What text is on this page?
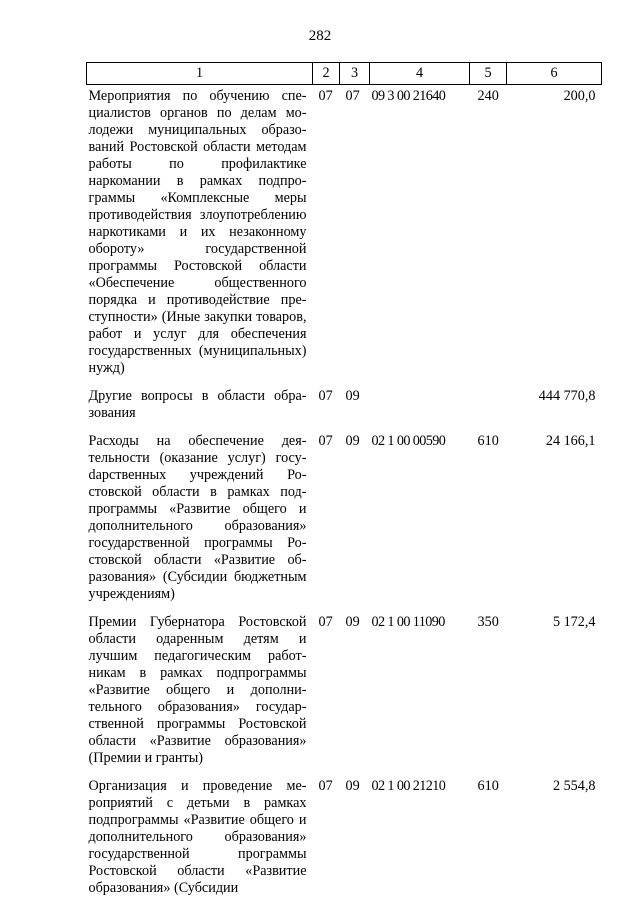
282
1	2	3	4	5	6
Мероприятия по обучению специалистов органов по делам молодежи муниципальных образований Ростовской области методам работы по профилактике наркомании в рамках подпрограммы «Комплексные меры противодействия злоупотреблению наркотиками и их незаконному обороту» государственной программы Ростовской области «Обеспечение общественного порядка и противодействие преступности» (Иные закупки товаров, работ и услуг для обеспечения государственных (муниципальных) нужд)	07	07	09 3 00 21640	240	200,0
Другие вопросы в области образования	07	09			444 770,8
Расходы на обеспечение деятельности (оказание услуг) госуdарственных учреждений Ростовской области в рамках подпрограммы «Развитие общего и дополнительного образования» государственной программы Ростовской области «Развитие образования» (Субсидии бюджетным учреждениям)	07	09	02 1 00 00590	610	24 166,1
Премии Губернатора Ростовской области одаренным детям и лучшим педагогическим работникам в рамках подпрограммы «Развитие общего и дополнительного образования» государственной программы Ростовской области «Развитие образования» (Премии и гранты)	07	09	02 1 00 11090	350	5 172,4
Организация и проведение мероприятий с детьми в рамках подпрограммы «Развитие общего и дополнительного образования» государственной программы Ростовской области «Развитие образования» (Субсидии	07	09	02 1 00 21210	610	2 554,8
